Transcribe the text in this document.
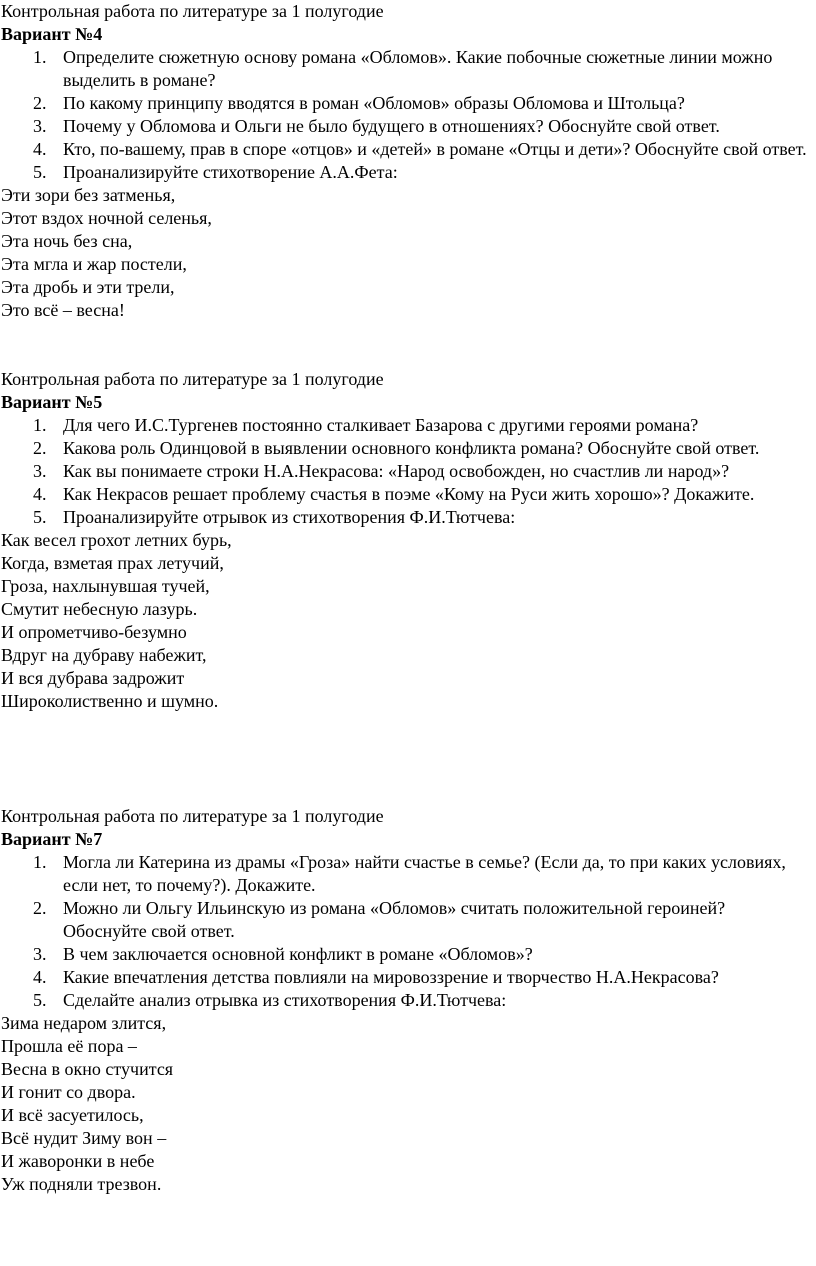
Контрольная работа по литературе за 1 полугодие

Вариант №4

1. Определите сюжетную основу романа «Обломов». Какие побочные сюжетные линии можно выделить в романе?
2. По какому принципу вводятся в роман «Обломов» образы Обломова и Штольца?
3. Почему у Обломова и Ольги не было будущего в отношениях? Обоснуйте свой ответ.
4. Кто, по-вашему, прав в споре «отцов» и «детей» в романе «Отцы и дети»? Обоснуйте свой ответ.
5. Проанализируйте стихотворение А.А.Фета:
Эти зори без затменья,
Этот вздох ночной селенья,
Эта ночь без сна,
Эта мгла и жар постели,
Эта дробь и эти трели,
Это всё – весна!

Контрольная работа по литературе за 1 полугодие

Вариант №5

1. Для чего И.С.Тургенев постоянно сталкивает Базарова с другими героями романа?
2. Какова роль Одинцовой в выявлении основного конфликта романа? Обоснуйте свой ответ.
3. Как вы понимаете строки Н.А.Некрасова: «Народ освобожден, но счастлив ли народ»?
4. Как Некрасов решает проблему счастья в поэме «Кому на Руси жить хорошо»? Докажите.
5. Проанализируйте отрывок из стихотворения Ф.И.Тютчева:
Как весел грохот летних бурь,
Когда, взметая прах летучий,
Гроза, нахлынувшая тучей,
Смутит небесную лазурь.
И опрометчиво-безумно
Вдруг на дубраву набежит,
И вся дубрава задрожит
Широколиственно и шумно.

Контрольная работа по литературе за 1 полугодие

Вариант №7

1. Могла ли Катерина из драмы «Гроза» найти счастье в семье? (Если да, то при каких условиях, если нет, то почему?). Докажите.
2. Можно ли Ольгу Ильинскую из романа «Обломов» считать положительной героиней? Обоснуйте свой ответ.
3. В чем заключается основной конфликт в романе «Обломов»?
4. Какие впечатления детства повлияли на мировоззрение и творчество Н.А.Некрасова?
5. Сделайте анализ отрывка из стихотворения Ф.И.Тютчева:
Зима недаром злится,
Прошла её пора –
Весна в окно стучится
И гонит со двора.
И всё засуетилось,
Всё нудит Зиму вон –
И жаворонки в небе
Уж подняли трезвон.
